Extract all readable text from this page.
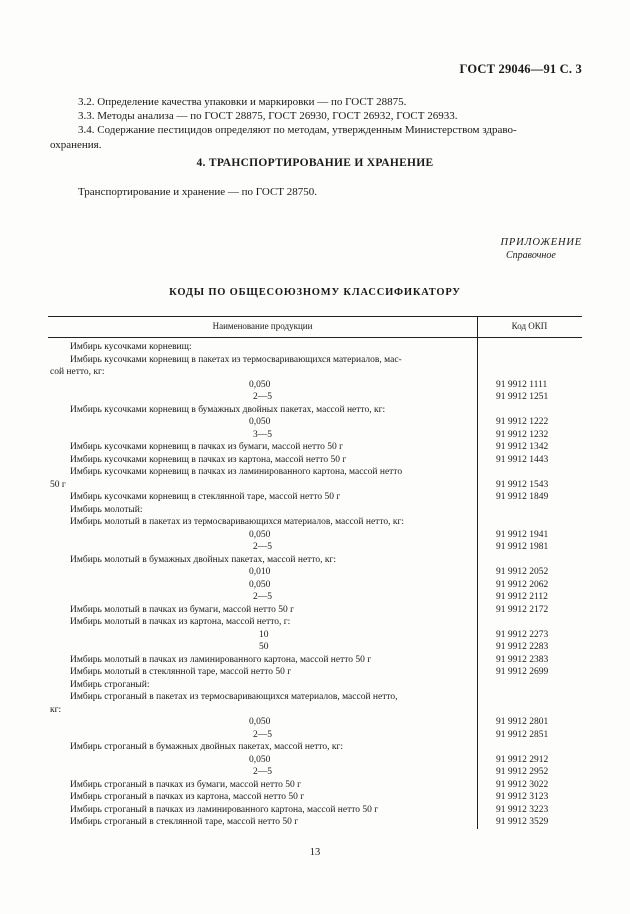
ГОСТ 29046—91 С. 3
3.2. Определение качества упаковки и маркировки — по ГОСТ 28875.
3.3. Методы анализа — по ГОСТ 28875, ГОСТ 26930, ГОСТ 26932, ГОСТ 26933.
3.4. Содержание пестицидов определяют по методам, утвержденным Министерством здраво-
охранения.
4. ТРАНСПОРТИРОВАНИЕ И ХРАНЕНИЕ
Транспортирование и хранение — по ГОСТ 28750.
ПРИЛОЖЕНИЕ
Справочное
КОДЫ ПО ОБЩЕСОЮЗНОМУ КЛАССИФИКАТОРУ
Наименование продукции	Код ОКП
Имбирь кусочками корневищ:
Имбирь кусочками корневищ в пакетах из термосваривающихся материалов, мас-
сой нетто, кг:
0,050	91 9912 1111
2—5	91 9912 1251
Имбирь кусочками корневищ в бумажных двойных пакетах, массой нетто, кг:
0,050	91 9912 1222
3—5	91 9912 1232
Имбирь кусочками корневищ в пачках из бумаги, массой нетто 50 г	91 9912 1342
Имбирь кусочками корневищ в пачках из картона, массой нетто 50 г	91 9912 1443
Имбирь кусочками корневищ в пачках из ламинированного картона, массой нетто
50 г	91 9912 1543
Имбирь кусочками корневищ в стеклянной таре, массой нетто 50 г	91 9912 1849
Имбирь молотый:
Имбирь молотый в пакетах из термосваривающихся материалов, массой нетто, кг:
0,050	91 9912 1941
2—5	91 9912 1981
Имбирь молотый в бумажных двойных пакетах, массой нетто, кг:
0,010	91 9912 2052
0,050	91 9912 2062
2—5	91 9912 2112
Имбирь молотый в пачках из бумаги, массой нетто 50 г	91 9912 2172
Имбирь молотый в пачках из картона, массой нетто, г:
10	91 9912 2273
50	91 9912 2283
Имбирь молотый в пачках из ламинированного картона, массой нетто 50 г	91 9912 2383
Имбирь молотый в стеклянной таре, массой нетто 50 г	91 9912 2699
Имбирь строганый:
Имбирь строганый в пакетах из термосваривающихся материалов, массой нетто,
кг:
0,050	91 9912 2801
2—5	91 9912 2851
Имбирь строганый в бумажных двойных пакетах, массой нетто, кг:
0,050	91 9912 2912
2—5	91 9912 2952
Имбирь строганый в пачках из бумаги, массой нетто 50 г	91 9912 3022
Имбирь строганый в пачках из картона, массой нетто 50 г	91 9912 3123
Имбирь строганый в пачках из ламинированного картона, массой нетто 50 г	91 9912 3223
Имбирь строганый в стеклянной таре, массой нетто 50 г	91 9912 3529
13
